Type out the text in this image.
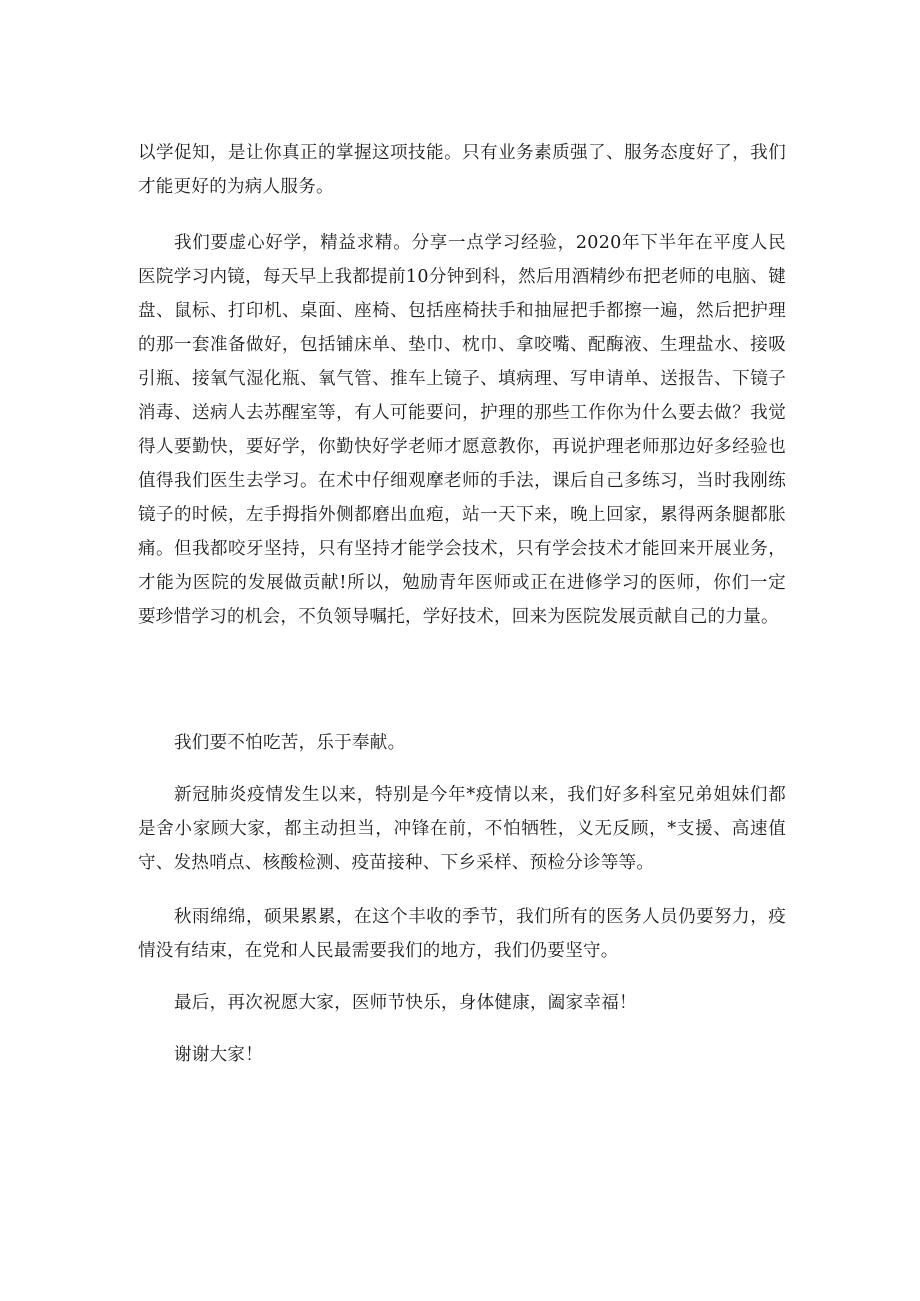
以学促知，是让你真正的掌握这项技能。只有业务素质强了、服务态度好了，我们才能更好的为病人服务。

我们要虚心好学，精益求精。分享一点学习经验，2020年下半年在平度人民医院学习内镜，每天早上我都提前10分钟到科，然后用酒精纱布把老师的电脑、键盘、鼠标、打印机、桌面、座椅、包括座椅扶手和抽屉把手都擦一遍，然后把护理的那一套准备做好，包括铺床单、垫巾、枕巾、拿咬嘴、配酶液、生理盐水、接吸引瓶、接氧气湿化瓶、氧气管、推车上镜子、填病理、写申请单、送报告、下镜子消毒、送病人去苏醒室等，有人可能要问，护理的那些工作你为什么要去做？我觉得人要勤快，要好学，你勤快好学老师才愿意教你，再说护理老师那边好多经验也值得我们医生去学习。在术中仔细观摩老师的手法，课后自己多练习，当时我刚练镜子的时候，左手拇指外侧都磨出血疱，站一天下来，晚上回家，累得两条腿都胀痛。但我都咬牙坚持，只有坚持才能学会技术，只有学会技术才能回来开展业务，才能为医院的发展做贡献!所以，勉励青年医师或正在进修学习的医师，你们一定要珍惜学习的机会，不负领导嘱托，学好技术，回来为医院发展贡献自己的力量。

我们要不怕吃苦，乐于奉献。

新冠肺炎疫情发生以来，特别是今年*疫情以来，我们好多科室兄弟姐妹们都是舍小家顾大家，都主动担当，冲锋在前，不怕牺牲，义无反顾，*支援、高速值守、发热哨点、核酸检测、疫苗接种、下乡采样、预检分诊等等。

秋雨绵绵，硕果累累，在这个丰收的季节，我们所有的医务人员仍要努力，疫情没有结束，在党和人民最需要我们的地方，我们仍要坚守。

最后，再次祝愿大家，医师节快乐，身体健康，阖家幸福！

谢谢大家！
